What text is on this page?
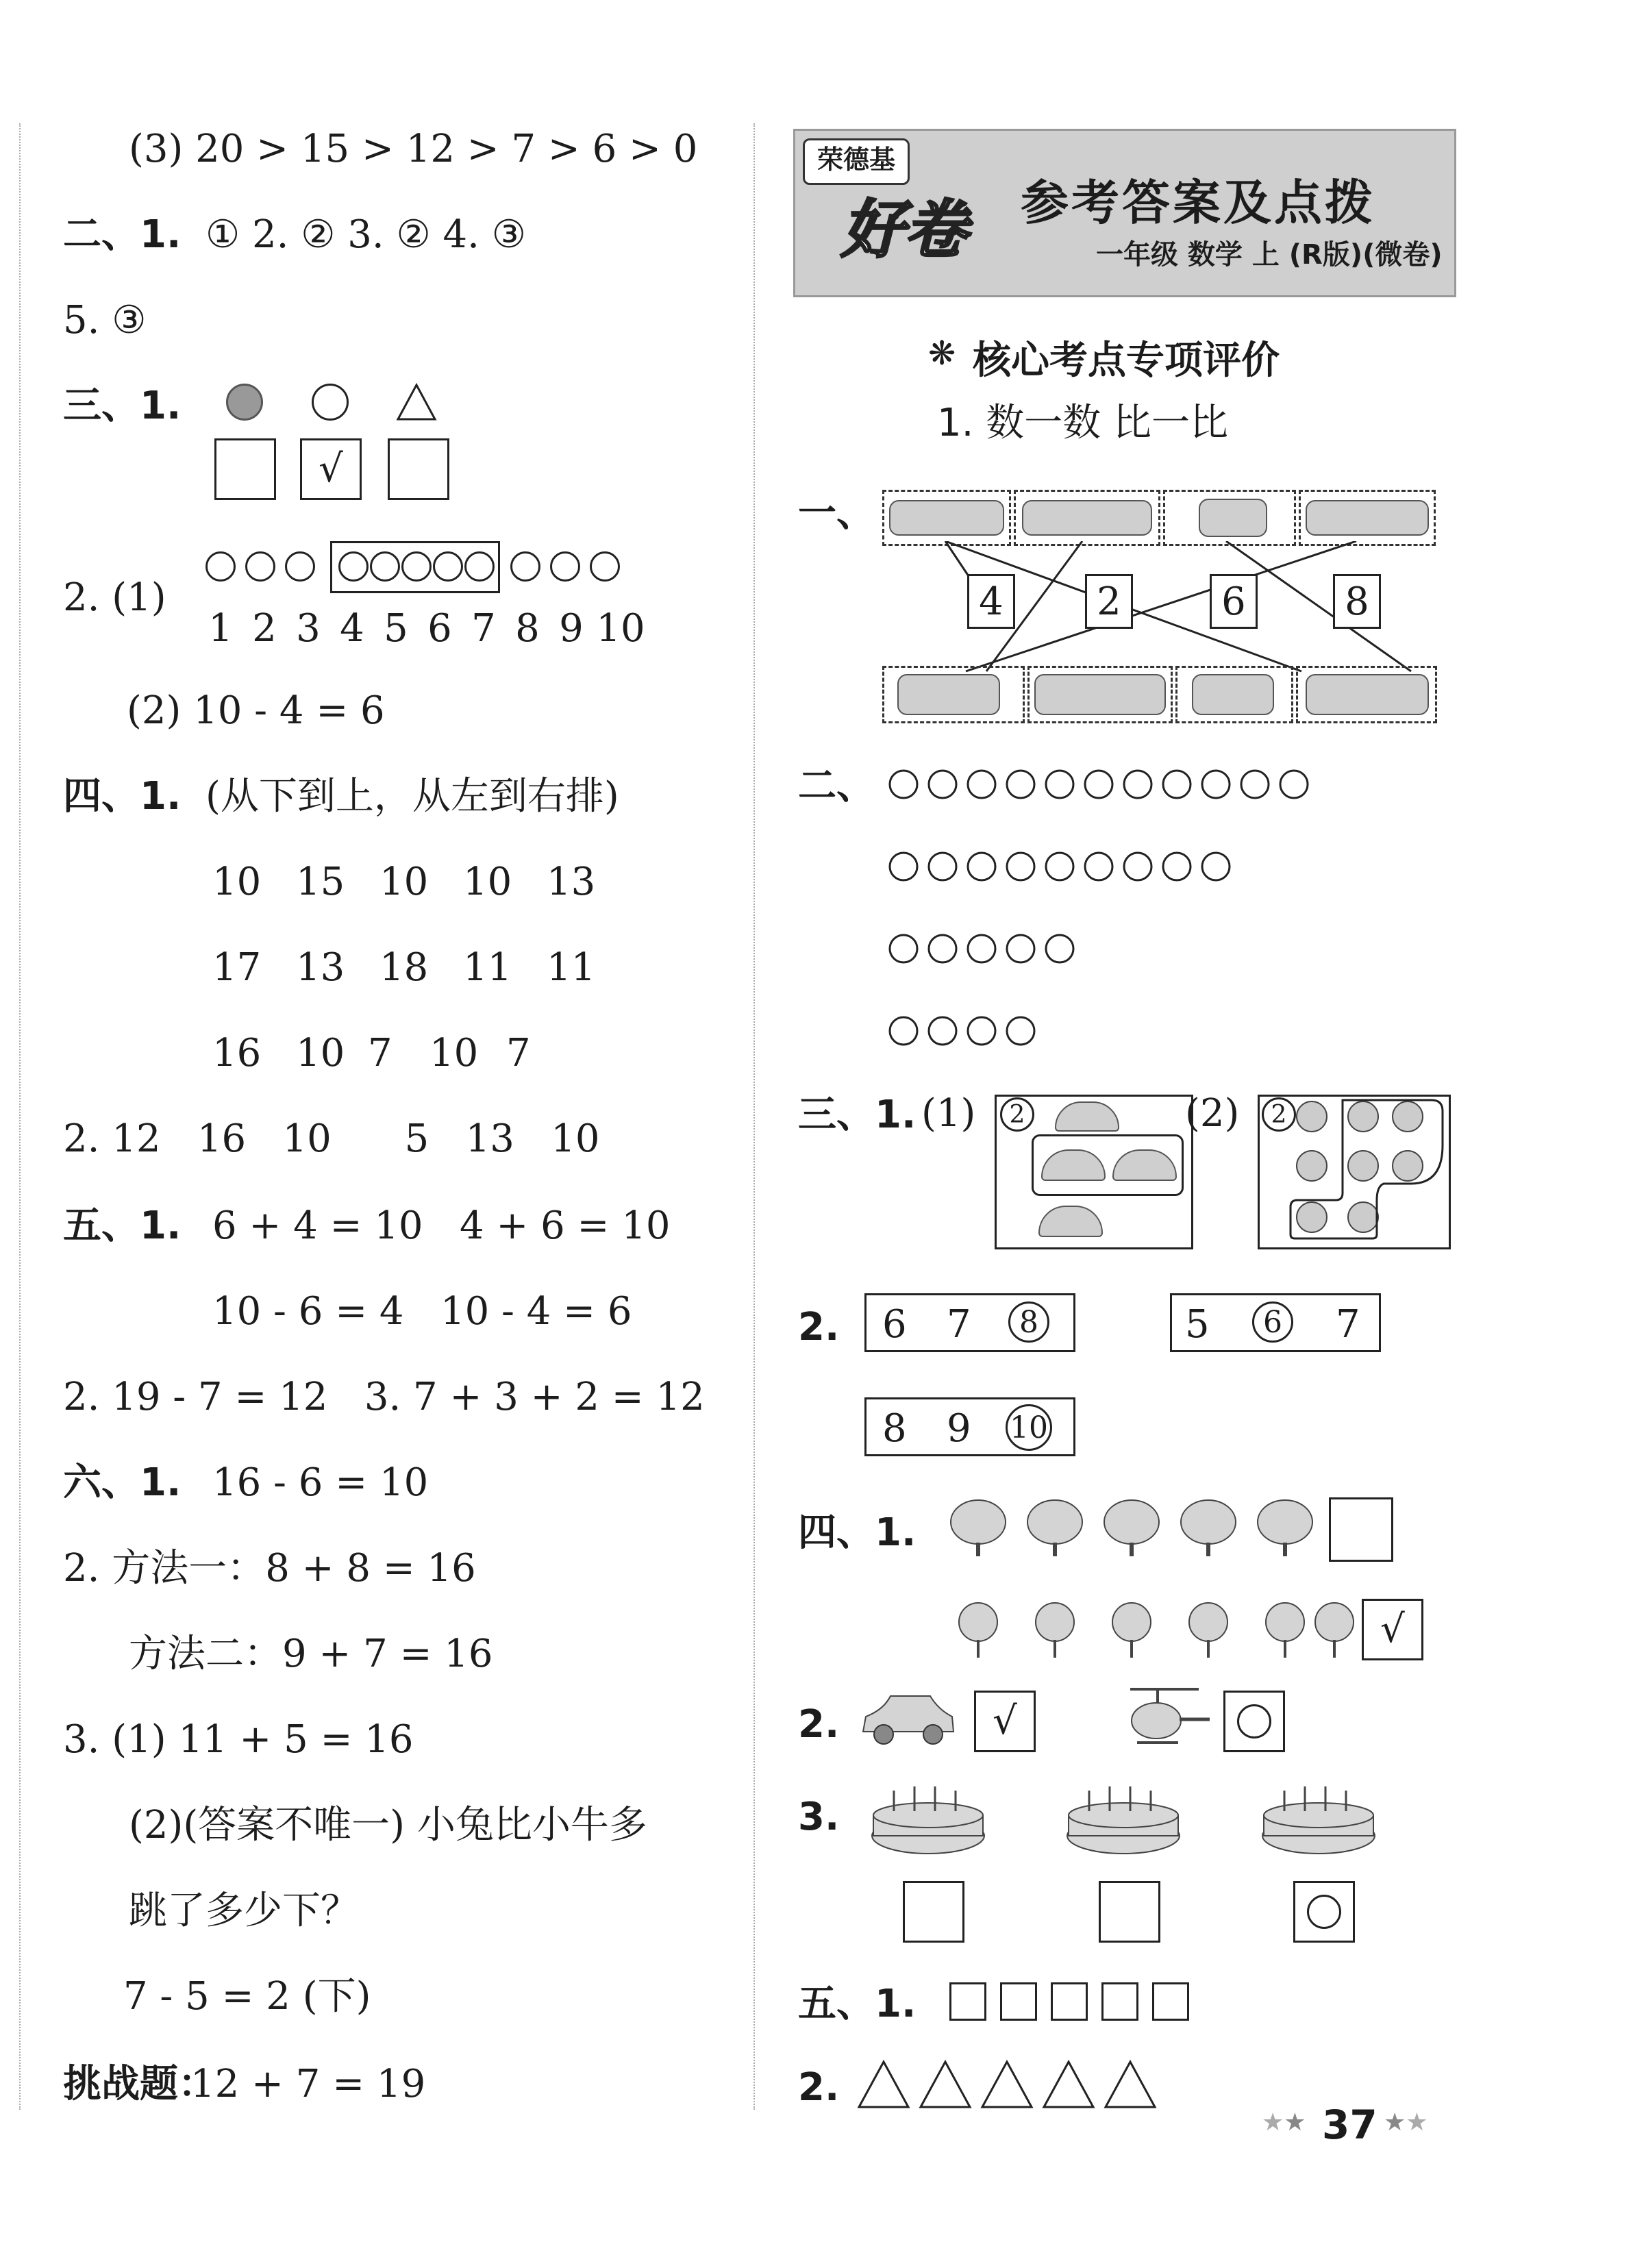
(3) 20 > 15 > 12 > 7 > 6 > 0
二、1. ① 2. ② 3. ② 4. ③
5. ③
三、1.
√
2. (1)
1 2 3 4 5 6 7 8 9 10
(2) 10 - 4 = 6
四、1. (从下到上，从左到右排)
10 15 10 10 13
17 13 18 11 11
16 10 7 10 7
2. 12   16   10      5   13   10
五、1. 6 + 4 = 10   4 + 6 = 10
10 - 6 = 4   10 - 4 = 6
2. 19 - 7 = 12   3. 7 + 3 + 2 = 12
六、1. 16 - 6 = 10
2. 方法一：8 + 8 = 16
方法二：9 + 7 = 16
3. (1) 11 + 5 = 16
(2)(答案不唯一) 小兔比小牛多
跳了多少下？
7 - 5 = 2 (下)
挑战题：
12 + 7 = 19
荣德基
好卷 参考答案及点拨
一年级 数学 上 (R版)(微卷)
❋ 核心考点专项评价
1. 数一数 比一比
一、
4	2	6	8
二、
三、1. (1)	2	(2)	2
2. 6 7	8	5	6 7
8 9 10
四、1.
√
2.	√
3.
五、1.
2.
★★ 37 ★★
